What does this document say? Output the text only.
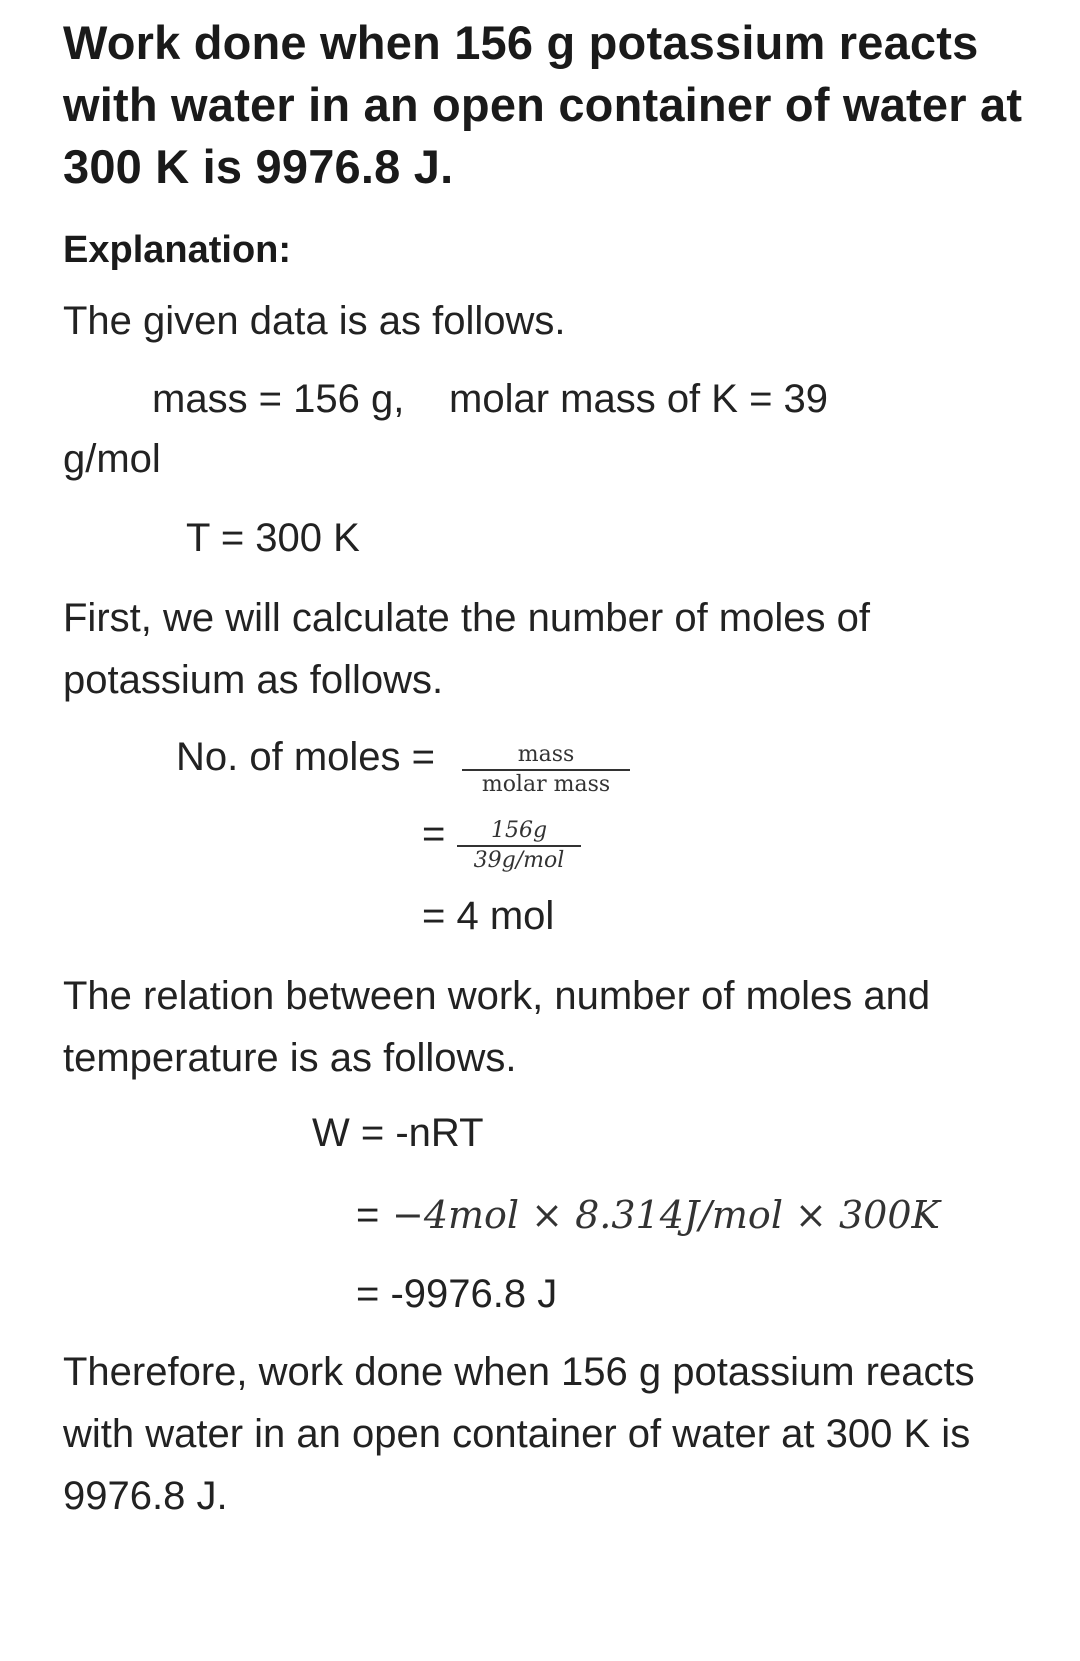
Work done when 156 g potassium reacts with water in an open container of water at 300 K is 9976.8 J.
Explanation:
The given data is as follows.
mass = 156 g, molar mass of K = 39
g/mol
T = 300 K
First, we will calculate the number of moles of potassium as follows.
No. of moles =	mass
molar mass
=	156g
39g/mol
= 4 mol
The relation between work, number of moles and temperature is as follows.
W = -nRT
= −4mol × 8.314J/mol × 300K
= -9976.8 J
Therefore, work done when 156 g potassium reacts with water in an open container of water at 300 K is 9976.8 J.
